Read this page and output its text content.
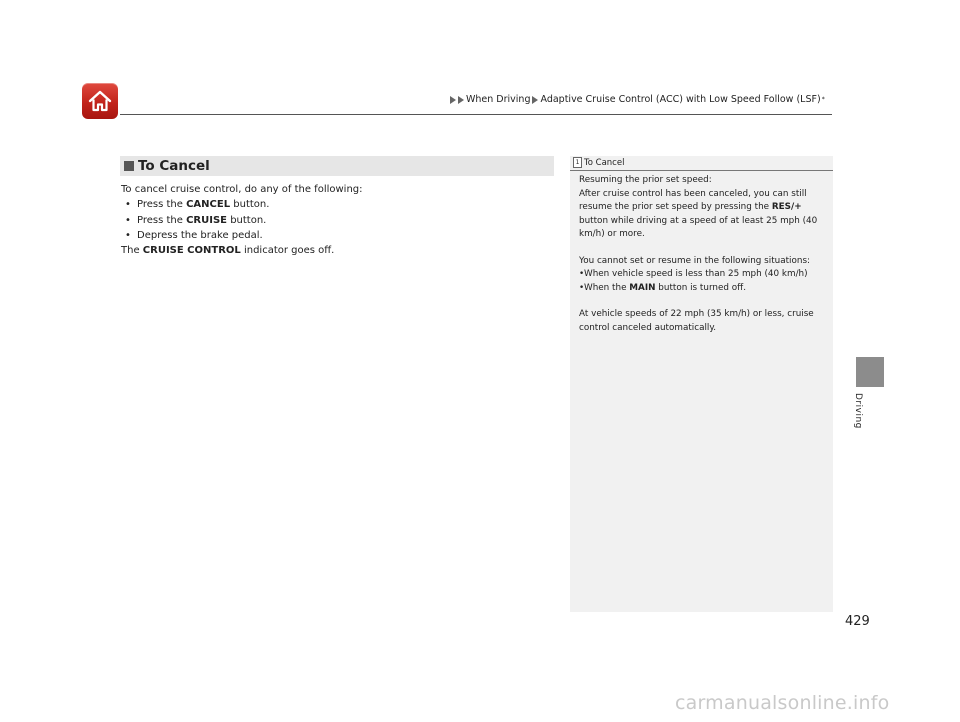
When Driving Adaptive Cruise Control (ACC) with Low Speed Follow (LSF) *
To Cancel

To cancel cruise control, do any of the following:

• Press the CANCEL button.

• Press the CRUISE button.

• Depress the brake pedal.

The CRUISE CONTROL indicator goes off.

1 To Cancel

Resuming the prior set speed:

After cruise control has been canceled, you can still

resume the prior set speed by pressing the RES/+

button while driving at a speed of at least 25 mph (40

km/h) or more.

You cannot set or resume in the following situations:

•When vehicle speed is less than 25 mph (40 km/h)

•When the MAIN button is turned off.

At vehicle speeds of 22 mph (35 km/h) or less, cruise

control canceled automatically.

Driving
429
carmanualsonline.info
